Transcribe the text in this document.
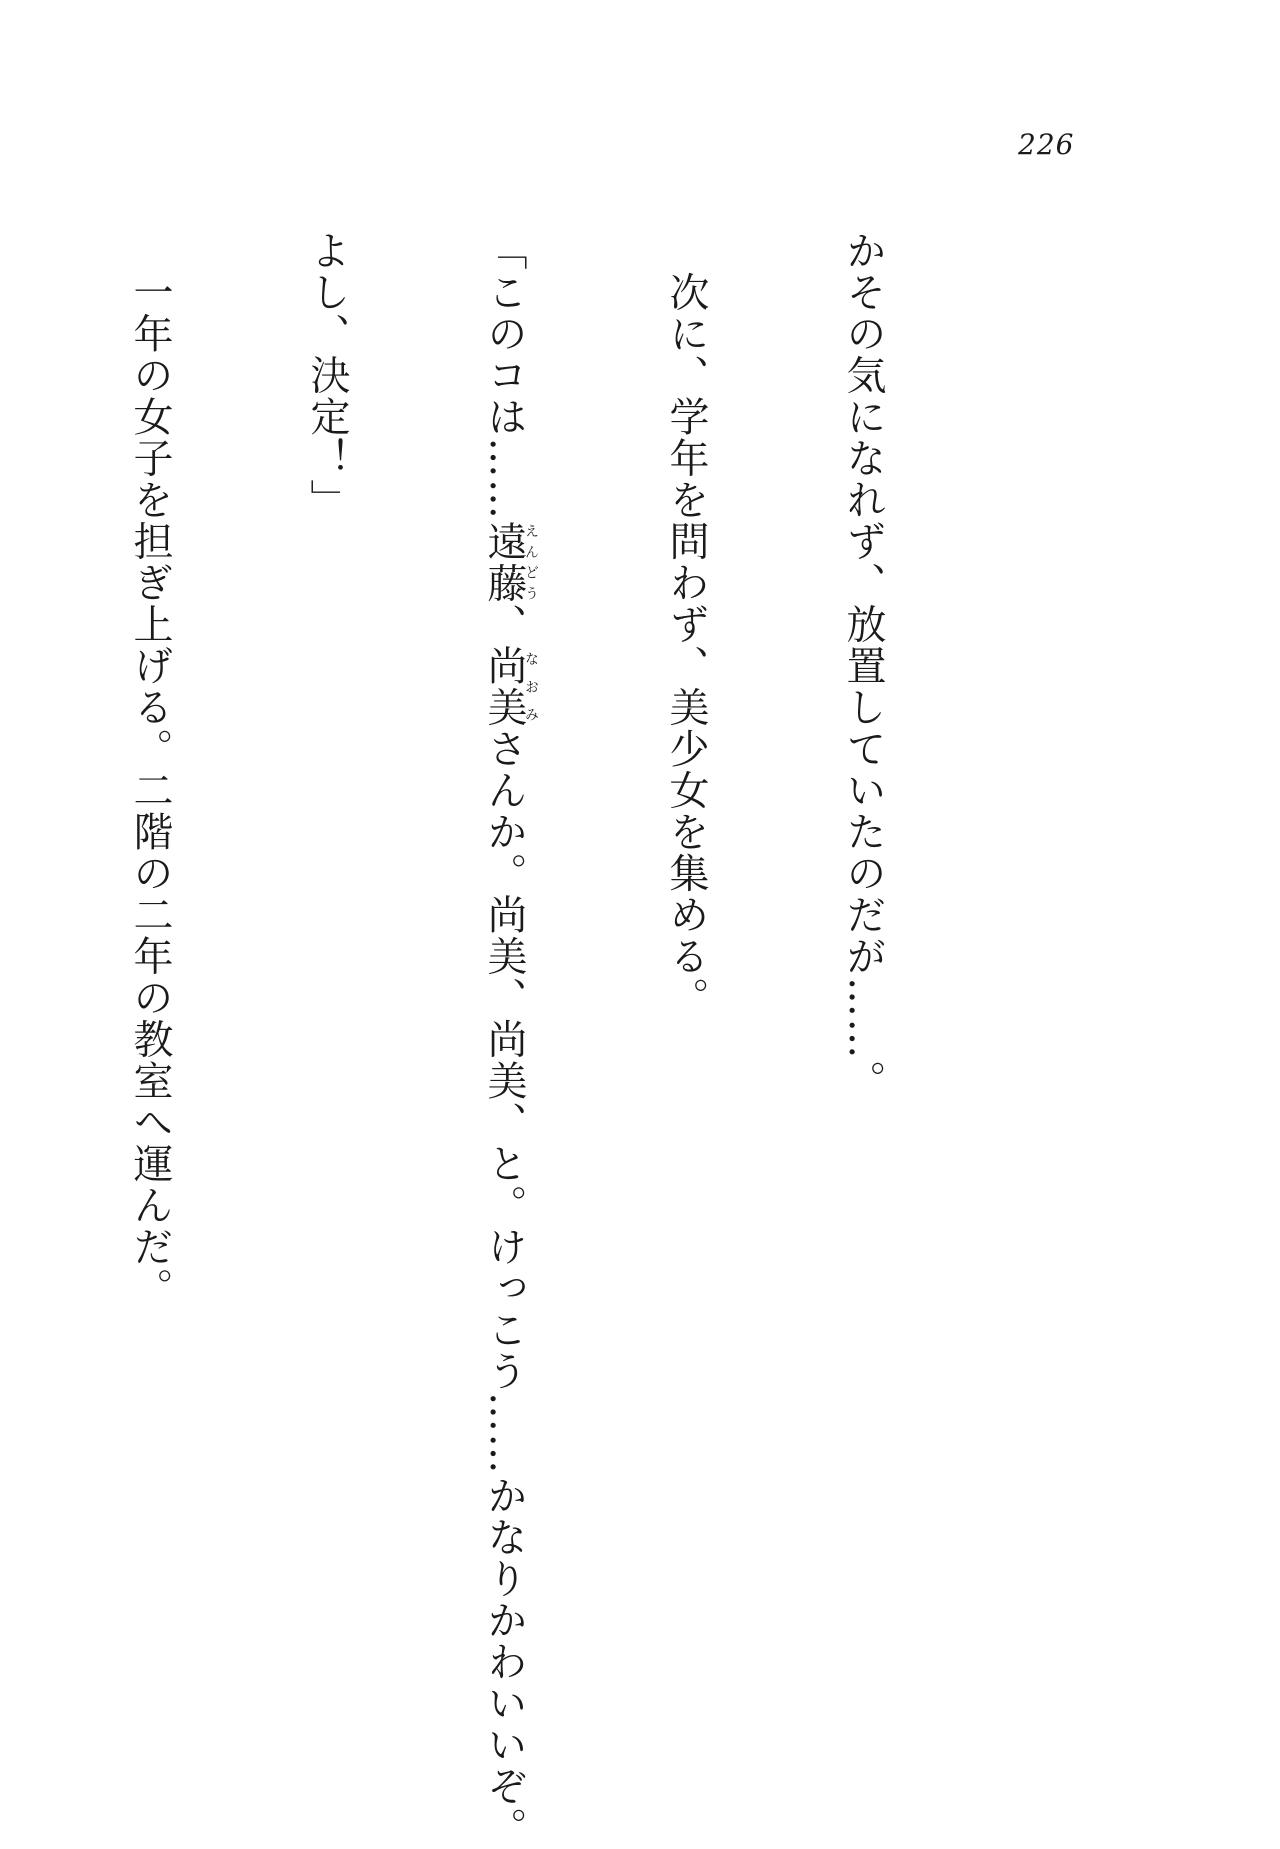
226

かその気になれず、放置していたのだが……。

　次に、学年を問わず、美少女を集める。

「このコは……遠藤えんどう、尚美なおみさんか。尚美、尚美、と。けっこう……かなりかわいいぞ。

よし、決定！」

　一年の女子を担ぎ上げる。二階の二年の教室へ運んだ。
